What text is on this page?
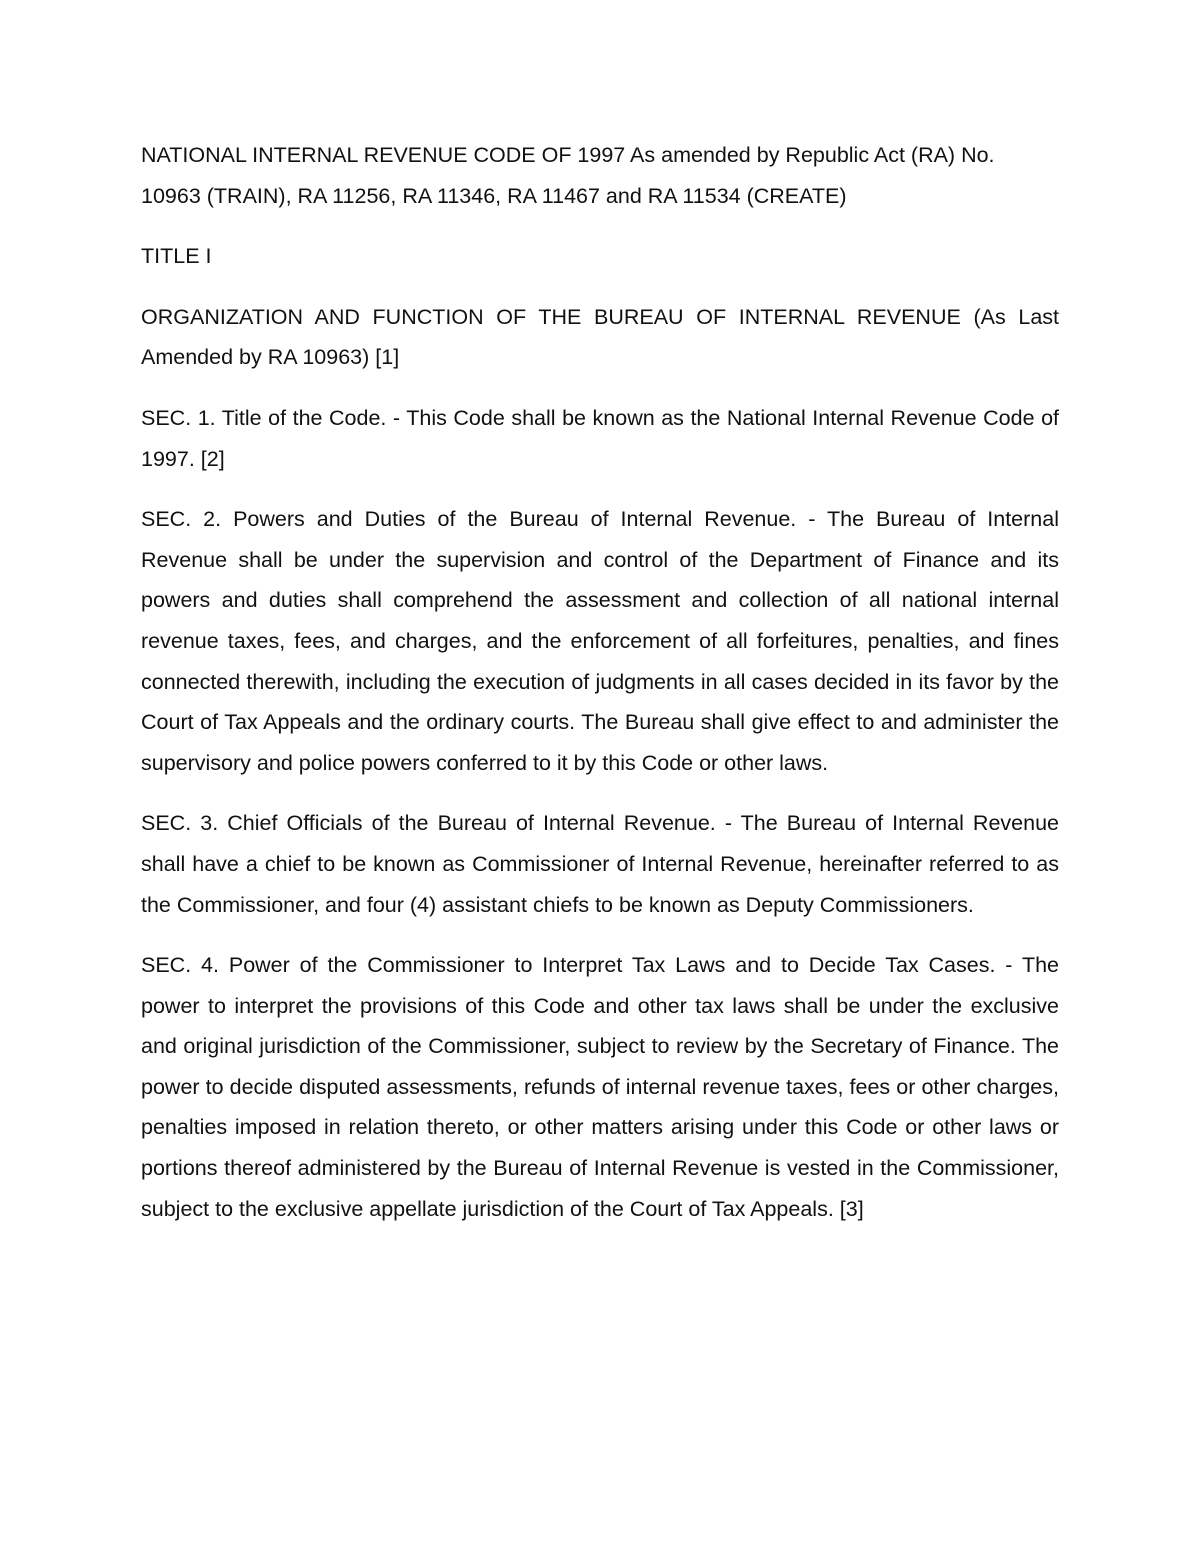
NATIONAL INTERNAL REVENUE CODE OF 1997 As amended by Republic Act (RA) No. 10963 (TRAIN), RA 11256, RA 11346, RA 11467 and RA 11534 (CREATE)

TITLE I

ORGANIZATION AND FUNCTION OF THE BUREAU OF INTERNAL REVENUE (As Last Amended by RA 10963) [1]

SEC. 1. Title of the Code. - This Code shall be known as the National Internal Revenue Code of 1997. [2]

SEC. 2. Powers and Duties of the Bureau of Internal Revenue. - The Bureau of Internal Revenue shall be under the supervision and control of the Department of Finance and its powers and duties shall comprehend the assessment and collection of all national internal revenue taxes, fees, and charges, and the enforcement of all forfeitures, penalties, and fines connected therewith, including the execution of judgments in all cases decided in its favor by the Court of Tax Appeals and the ordinary courts. The Bureau shall give effect to and administer the supervisory and police powers conferred to it by this Code or other laws.

SEC. 3. Chief Officials of the Bureau of Internal Revenue. - The Bureau of Internal Revenue shall have a chief to be known as Commissioner of Internal Revenue, hereinafter referred to as the Commissioner, and four (4) assistant chiefs to be known as Deputy Commissioners.

SEC. 4. Power of the Commissioner to Interpret Tax Laws and to Decide Tax Cases. - The power to interpret the provisions of this Code and other tax laws shall be under the exclusive and original jurisdiction of the Commissioner, subject to review by the Secretary of Finance. The power to decide disputed assessments, refunds of internal revenue taxes, fees or other charges, penalties imposed in relation thereto, or other matters arising under this Code or other laws or portions thereof administered by the Bureau of Internal Revenue is vested in the Commissioner, subject to the exclusive appellate jurisdiction of the Court of Tax Appeals. [3]
